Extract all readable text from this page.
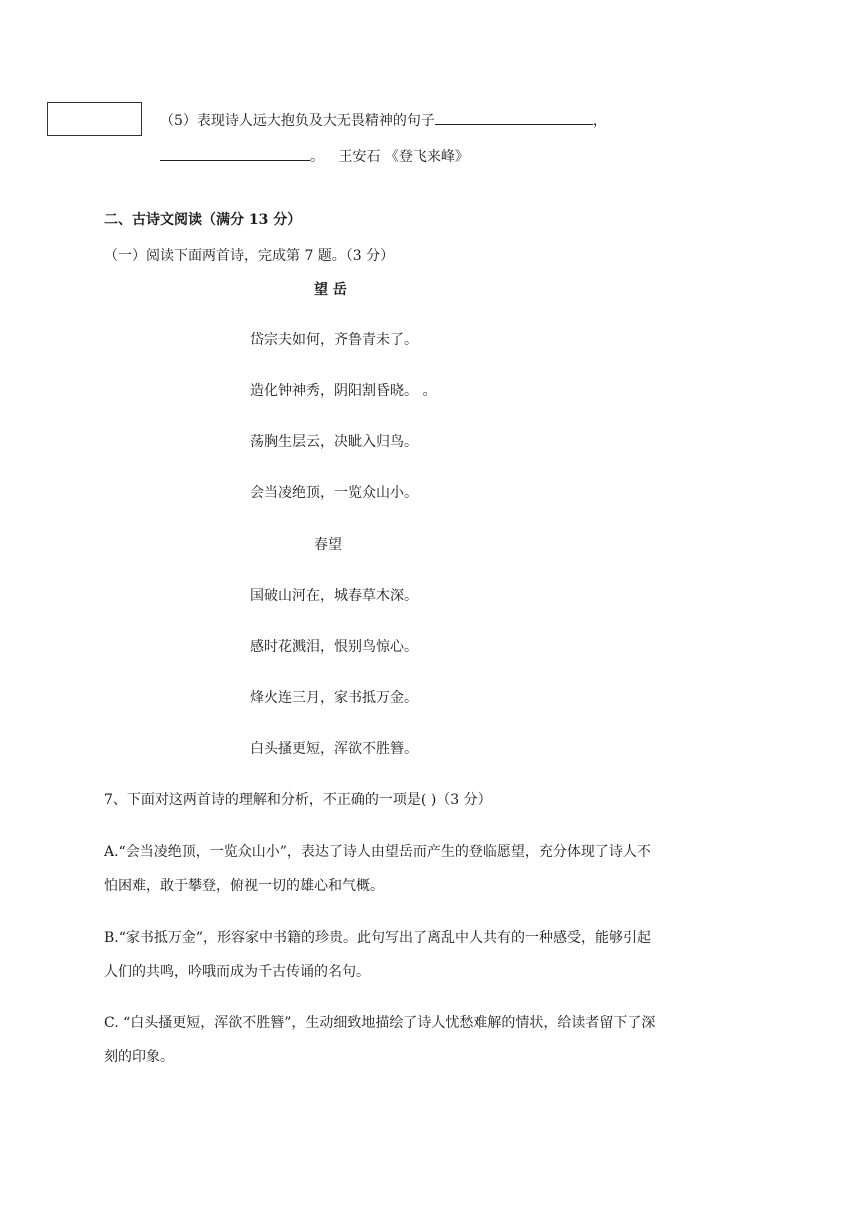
（5）表现诗人远大抱负及大无畏精神的句子	，
。 王安石 《登飞来峰》
二、古诗文阅读（满分 13 分）
（一）阅读下面两首诗，完成第 7 题。（3 分）
望 岳
岱宗夫如何，齐鲁青未了。
造化钟神秀，阴阳割昏晓。 。
荡胸生层云，决眦入归鸟。
会当凌绝顶，一览众山小。
春望
国破山河在，城春草木深。
感时花溅泪，恨别鸟惊心。
烽火连三月，家书抵万金。
白头搔更短，浑欲不胜簪。
7、下面对这两首诗的理解和分析，不正确的一项是( )（3 分）
A.“会当凌绝顶，一览众山小”，表达了诗人由望岳而产生的登临愿望，充分体现了诗人不
怕困难，敢于攀登，俯视一切的雄心和气概。
B.“家书抵万金”，形容家中书籍的珍贵。此句写出了离乱中人共有的一种感受，能够引起
人们的共鸣，吟哦而成为千古传诵的名句。
C. “白头搔更短，浑欲不胜簪”，生动细致地描绘了诗人忧愁难解的情状，给读者留下了深
刻的印象。
